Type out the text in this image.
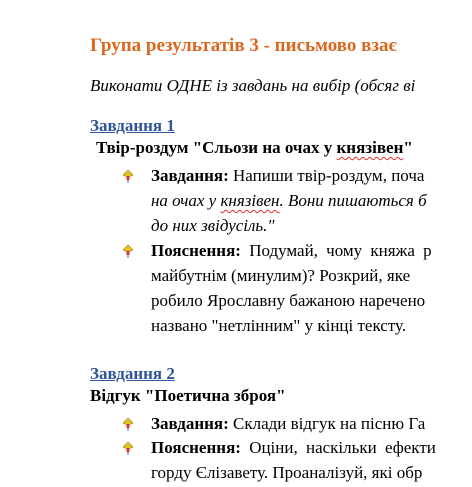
Група результатів 3 - письмово взає
Виконати ОДНЕ із завдань на вибір (обсяг ві
Завдання 1
Твір-роздум "Сльози на очах у князівен"
Завдання: Напиши твір-роздум, поча
на очах у князівен. Вони пишаються б
до них звідусіль."
Пояснення: Подумай, чому княжа р
майбутнім (минулим)? Розкрий, яке
робило Ярославну бажаною наречено
названо "нетлінним" у кінці тексту.
Завдання 2
Відгук "Поетична зброя"
Завдання: Склади відгук на пісню Га
Пояснення: Оціни, наскільки ефекти
горду Єлізавету. Проаналізуй, які обр
